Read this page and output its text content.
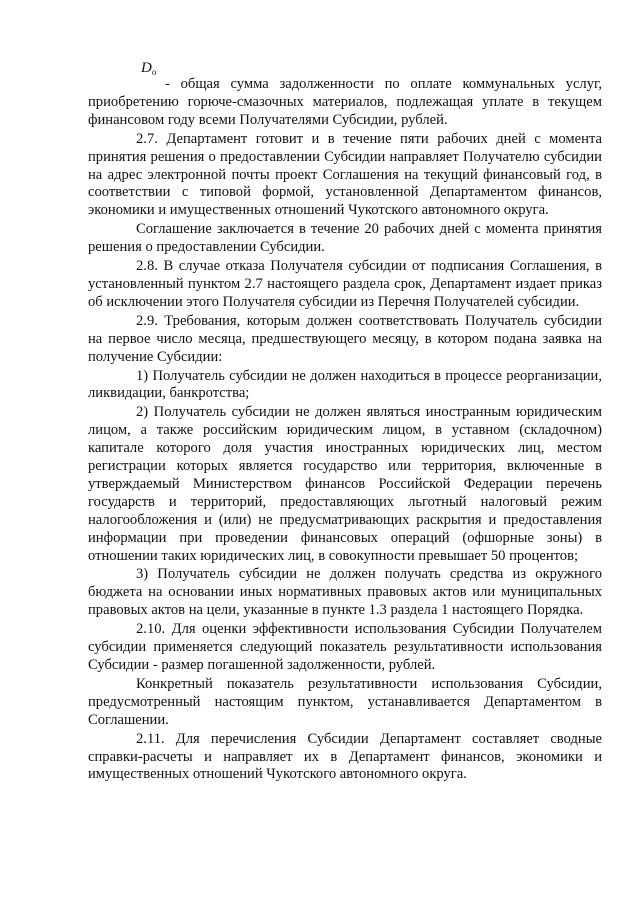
$D_о$

- общая сумма задолженности по оплате коммунальных услуг, приобретению горюче-смазочных материалов, подлежащая уплате в текущем финансовом году всеми Получателями Субсидии, рублей.

2.7. Департамент готовит и в течение пяти рабочих дней с момента принятия решения о предоставлении Субсидии направляет Получателю субсидии на адрес электронной почты проект Соглашения на текущий финансовый год, в соответствии с типовой формой, установленной Департаментом финансов, экономики и имущественных отношений Чукотского автономного округа.

Соглашение заключается в течение 20 рабочих дней с момента принятия решения о предоставлении Субсидии.

2.8. В случае отказа Получателя субсидии от подписания Соглашения, в установленный пунктом 2.7 настоящего раздела срок, Департамент издает приказ об исключении этого Получателя субсидии из Перечня Получателей субсидии.

2.9. Требования, которым должен соответствовать Получатель субсидии на первое число месяца, предшествующего месяцу, в котором подана заявка на получение Субсидии:

1) Получатель субсидии не должен находиться в процессе реорганизации, ликвидации, банкротства;

2) Получатель субсидии не должен являться иностранным юридическим лицом, а также российским юридическим лицом, в уставном (складочном) капитале которого доля участия иностранных юридических лиц, местом регистрации которых является государство или территория, включенные в утверждаемый Министерством финансов Российской Федерации перечень государств и территорий, предоставляющих льготный налоговый режим налогообложения и (или) не предусматривающих раскрытия и предоставления информации при проведении финансовых операций (офшорные зоны) в отношении таких юридических лиц, в совокупности превышает 50 процентов;

3) Получатель субсидии не должен получать средства из окружного бюджета на основании иных нормативных правовых актов или муниципальных правовых актов на цели, указанные в пункте 1.3 раздела 1 настоящего Порядка.

2.10. Для оценки эффективности использования Субсидии Получателем субсидии применяется следующий показатель результативности использования Субсидии - размер погашенной задолженности, рублей.

Конкретный показатель результативности использования Субсидии, предусмотренный настоящим пунктом, устанавливается Департаментом в Соглашении.

2.11. Для перечисления Субсидии Департамент составляет сводные справки-расчеты и направляет их в Департамент финансов, экономики и имущественных отношений Чукотского автономного округа.
